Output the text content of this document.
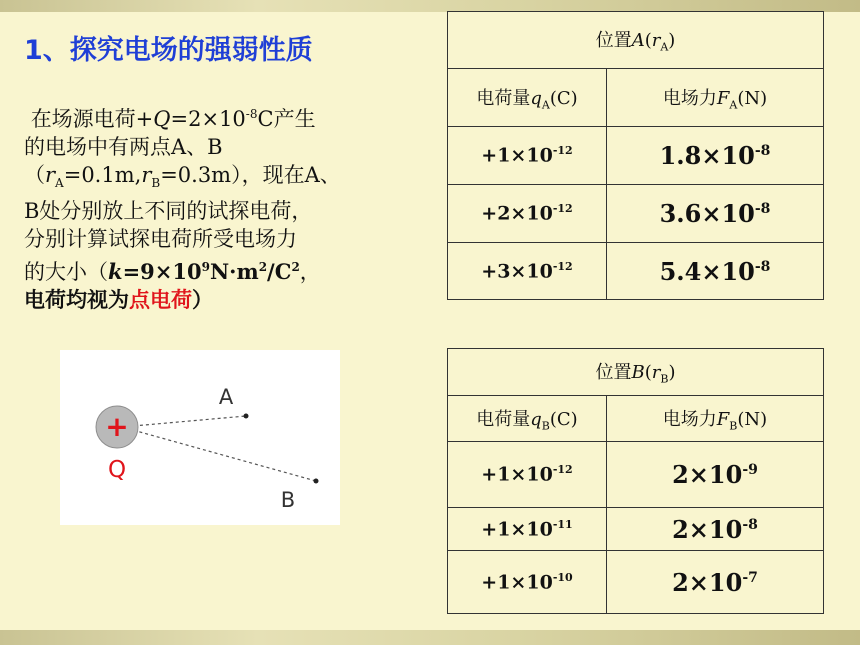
1、探究电场的强弱性质
在场源电荷$+Q=2\times 10^{-8}C$产生
的电场中有两点A、B
$(r_A=0.1m,r_B=0.3m)$，现在A、
B处分别放上不同的试探电荷，
分别计算试探电荷所受电场力
的大小（$k=9\times 10^9N\cdot m^2/C^2$，
电荷均视为点电荷）
+
Q
A
B
位置$A(r_A)$	
电荷量$q_A(C)$	电场力$F_A(N)$
$+1\times 10^{-12}$	$1.8\times 10^{-8}$
$+2\times 10^{-12}$	$3.6\times 10^{-8}$
$+3\times 10^{-12}$	$5.4\times 10^{-8}$
位置$B(r_B)$	
电荷量$q_B(C)$	电场力$F_B(N)$
$+1\times 10^{-12}$	$2\times 10^{-9}$
$+1\times 10^{-11}$	$2\times 10^{-8}$
$+1\times 10^{-10}$	$2\times 10^{-7}$
